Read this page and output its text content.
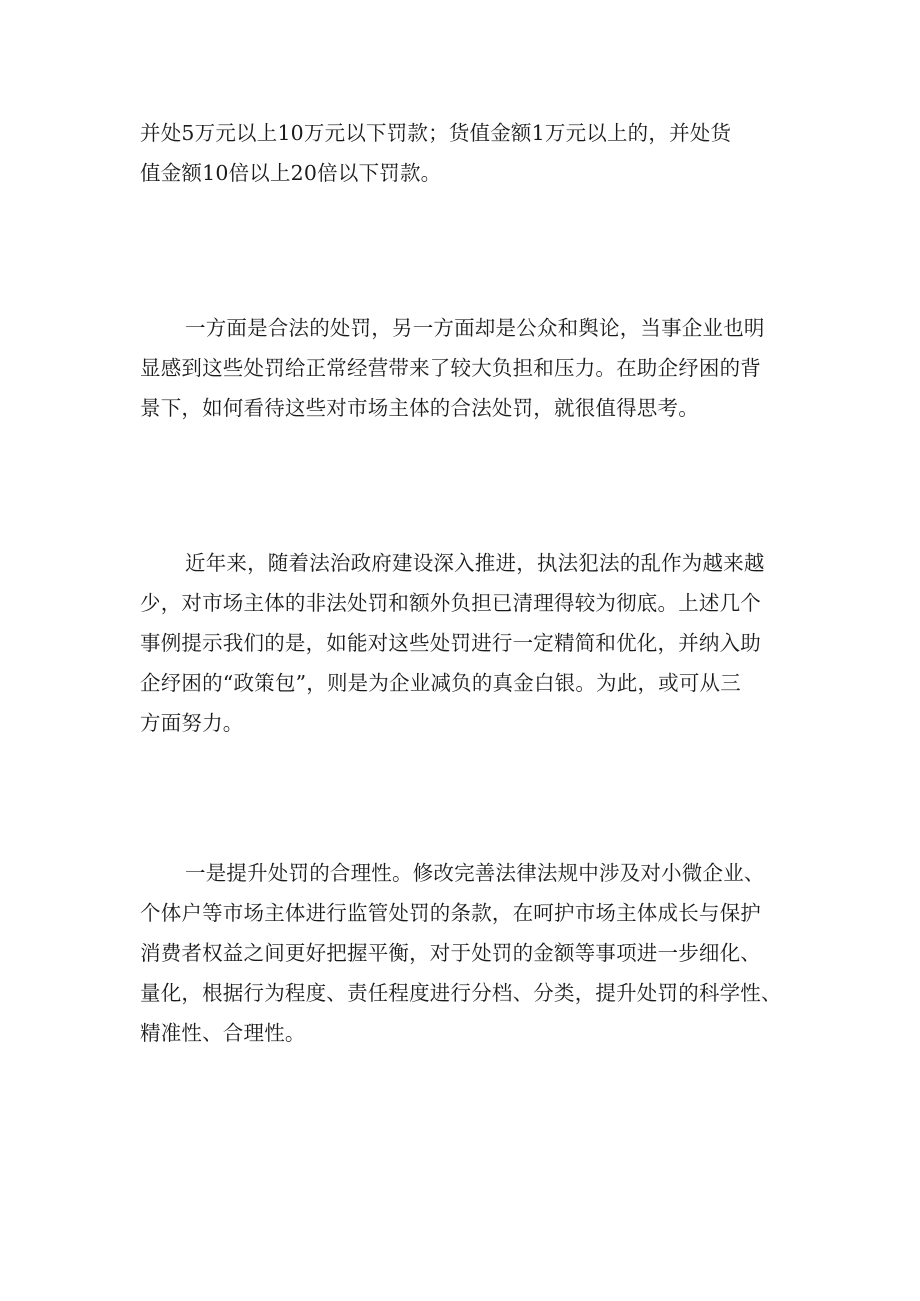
并处5万元以上10万元以下罚款；货值金额1万元以上的，并处货
值金额10倍以上20倍以下罚款。
一方面是合法的处罚，另一方面却是公众和舆论，当事企业也明
显感到这些处罚给正常经营带来了较大负担和压力。在助企纾困的背
景下，如何看待这些对市场主体的合法处罚，就很值得思考。
近年来，随着法治政府建设深入推进，执法犯法的乱作为越来越
少，对市场主体的非法处罚和额外负担已清理得较为彻底。上述几个
事例提示我们的是，如能对这些处罚进行一定精简和优化，并纳入助
企纾困的“政策包”，则是为企业减负的真金白银。为此，或可从三
方面努力。
一是提升处罚的合理性。修改完善法律法规中涉及对小微企业、
个体户等市场主体进行监管处罚的条款，在呵护市场主体成长与保护
消费者权益之间更好把握平衡，对于处罚的金额等事项进一步细化、
量化，根据行为程度、责任程度进行分档、分类，提升处罚的科学性、
精准性、合理性。
